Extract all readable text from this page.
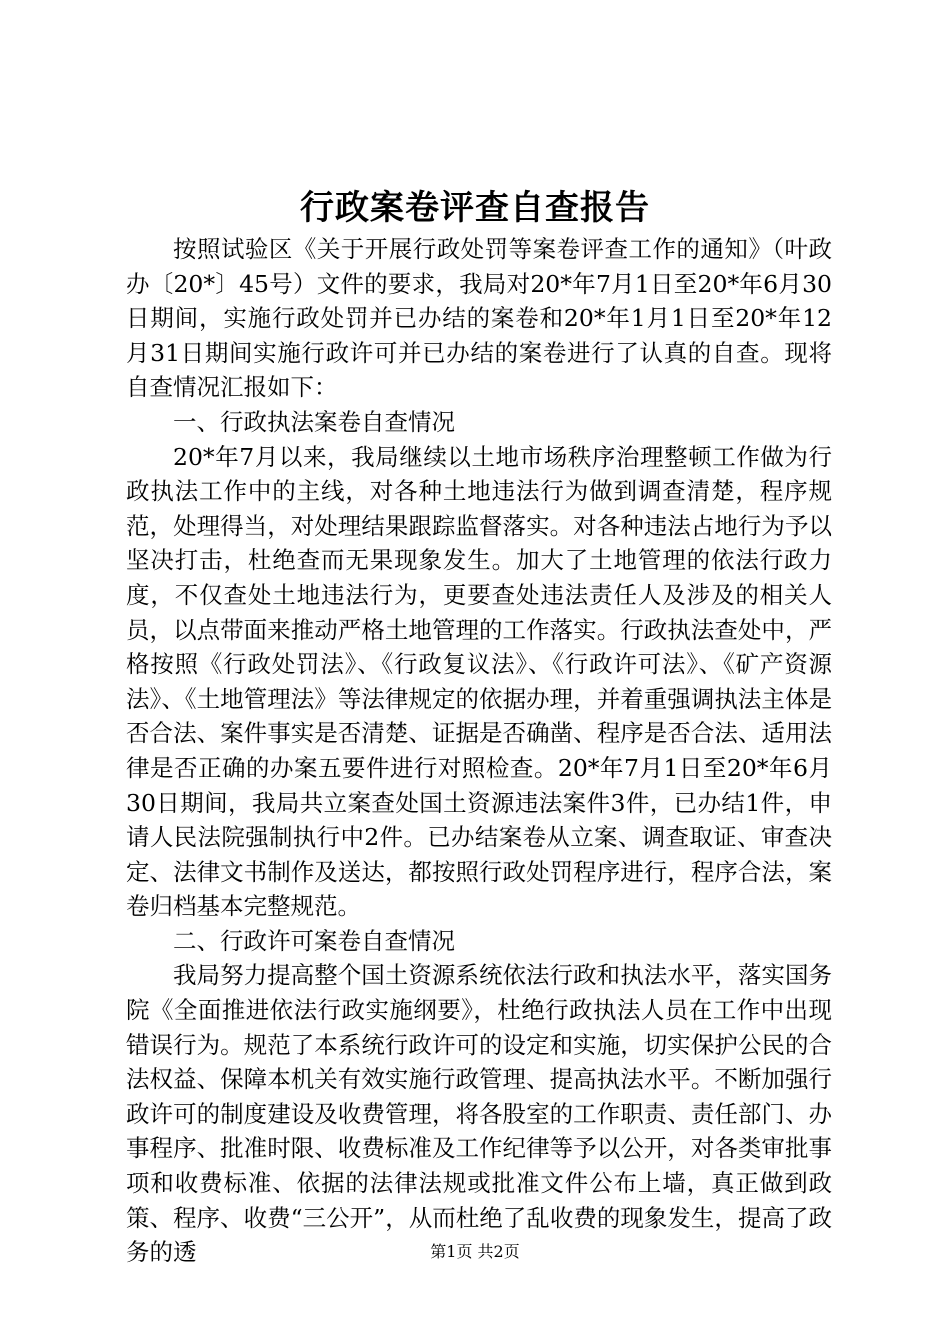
行政案卷评查自查报告

按照试验区《关于开展行政处罚等案卷评查工作的通知》（叶政办〔20*〕45号）文件的要求，我局对20*年7月1日至20*年6月30日期间，实施行政处罚并已办结的案卷和20*年1月1日至20*年12月31日期间实施行政许可并已办结的案卷进行了认真的自查。现将自查情况汇报如下：

一、行政执法案卷自查情况

20*年7月以来，我局继续以土地市场秩序治理整顿工作做为行政执法工作中的主线，对各种土地违法行为做到调查清楚，程序规范，处理得当，对处理结果跟踪监督落实。对各种违法占地行为予以坚决打击，杜绝查而无果现象发生。加大了土地管理的依法行政力度，不仅查处土地违法行为，更要查处违法责任人及涉及的相关人员，以点带面来推动严格土地管理的工作落实。行政执法查处中，严格按照《行政处罚法》、《行政复议法》、《行政许可法》、《矿产资源法》、《土地管理法》等法律规定的依据办理，并着重强调执法主体是否合法、案件事实是否清楚、证据是否确凿、程序是否合法、适用法律是否正确的办案五要件进行对照检查。20*年7月1日至20*年6月30日期间，我局共立案查处国土资源违法案件3件，已办结1件，申请人民法院强制执行中2件。已办结案卷从立案、调查取证、审查决定、法律文书制作及送达，都按照行政处罚程序进行，程序合法，案卷归档基本完整规范。

二、行政许可案卷自查情况

我局努力提高整个国土资源系统依法行政和执法水平，落实国务院《全面推进依法行政实施纲要》，杜绝行政执法人员在工作中出现错误行为。规范了本系统行政许可的设定和实施，切实保护公民的合法权益、保障本机关有效实施行政管理、提高执法水平。不断加强行政许可的制度建设及收费管理，将各股室的工作职责、责任部门、办事程序、批准时限、收费标准及工作纪律等予以公开，对各类审批事项和收费标准、依据的法律法规或批准文件公布上墙，真正做到政策、程序、收费“三公开”，从而杜绝了乱收费的现象发生，提高了政务的透	第1页 共2页
